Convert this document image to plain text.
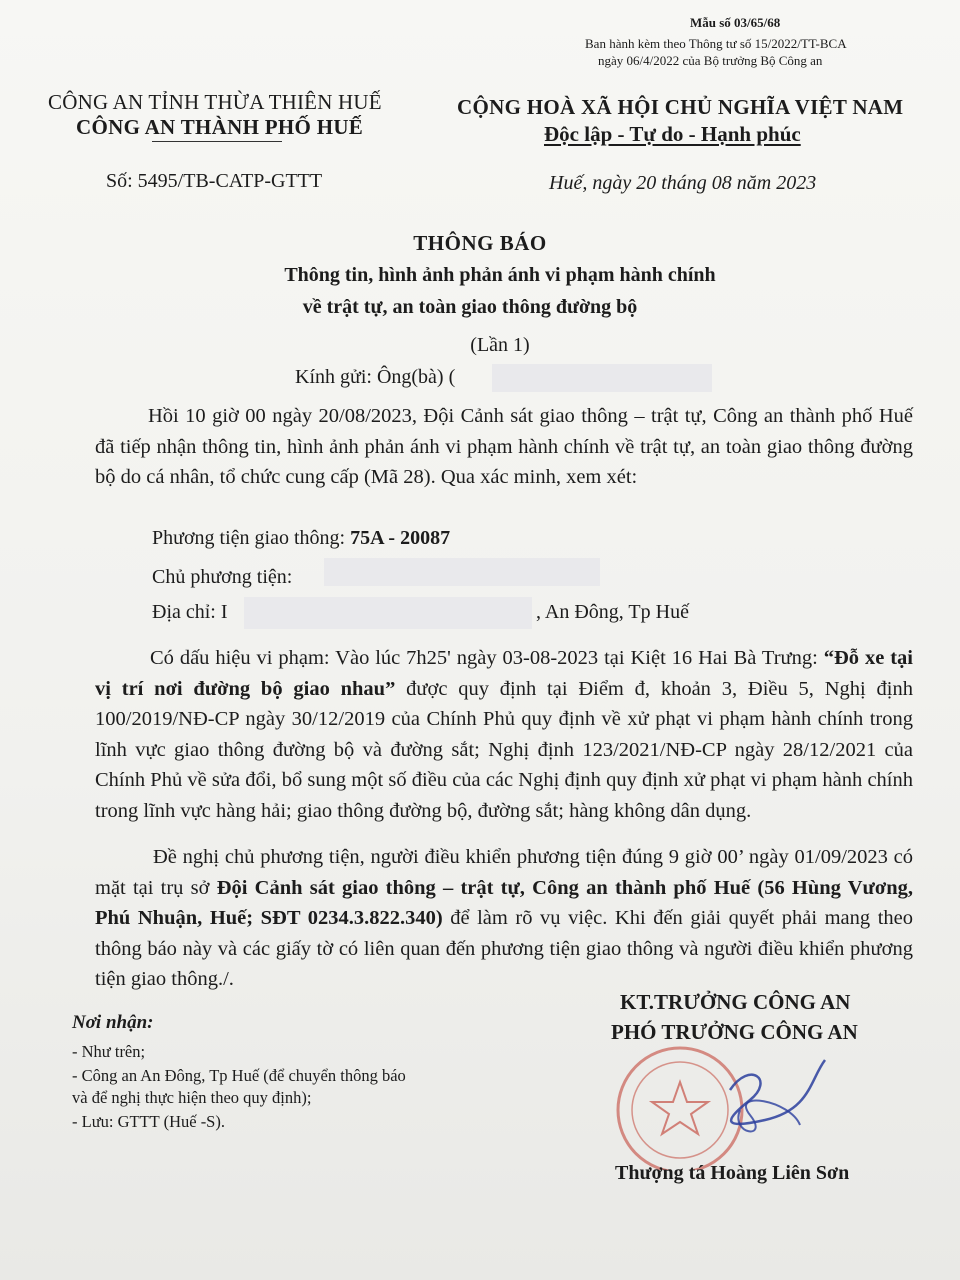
Mẫu số 03/65/68
Ban hành kèm theo Thông tư số 15/2022/TT-BCA
ngày 06/4/2022 của Bộ trưởng Bộ Công an
CÔNG AN TỈNH THỪA THIÊN HUẾ
CÔNG AN THÀNH PHỐ HUẾ
CỘNG HOÀ XÃ HỘI CHỦ NGHĨA VIỆT NAM
Độc lập - Tự do - Hạnh phúc
Số: 5495/TB-CATP-GTTT	Huế, ngày 20 tháng 08 năm 2023
THÔNG BÁO
Thông tin, hình ảnh phản ánh vi phạm hành chính
về trật tự, an toàn giao thông đường bộ
(Lần 1)
Kính gửi: Ông(bà) (
Hồi 10 giờ 00 ngày 20/08/2023, Đội Cảnh sát giao thông – trật tự, Công an thành phố Huế đã tiếp nhận thông tin, hình ảnh phản ánh vi phạm hành chính về trật tự, an toàn giao thông đường bộ do cá nhân, tổ chức cung cấp (Mã 28). Qua xác minh, xem xét:
Phương tiện giao thông: 75A - 20087
Chủ phương tiện:
Địa chỉ: I	, An Đông, Tp Huế
Có dấu hiệu vi phạm: Vào lúc 7h25' ngày 03-08-2023 tại Kiệt 16 Hai Bà Trưng: “Đỗ xe tại vị trí nơi đường bộ giao nhau” được quy định tại Điểm đ, khoản 3, Điều 5, Nghị định 100/2019/NĐ-CP ngày 30/12/2019 của Chính Phủ quy định về xử phạt vi phạm hành chính trong lĩnh vực giao thông đường bộ và đường sắt; Nghị định 123/2021/NĐ-CP ngày 28/12/2021 của Chính Phủ về sửa đổi, bổ sung một số điều của các Nghị định quy định xử phạt vi phạm hành chính trong lĩnh vực hàng hải; giao thông đường bộ, đường sắt; hàng không dân dụng.
Đề nghị chủ phương tiện, người điều khiển phương tiện đúng 9 giờ 00’ ngày 01/09/2023 có mặt tại trụ sở Đội Cảnh sát giao thông – trật tự, Công an thành phố Huế (56 Hùng Vương, Phú Nhuận, Huế; SĐT 0234.3.822.340) để làm rõ vụ việc. Khi đến giải quyết phải mang theo thông báo này và các giấy tờ có liên quan đến phương tiện giao thông và người điều khiển phương tiện giao thông./.
Nơi nhận:
- Như trên;
- Công an An Đông, Tp Huế (để chuyển thông báo
và để nghị thực hiện theo quy định);
- Lưu: GTTT (Huế -S).
KT.TRƯỞNG CÔNG AN
PHÓ TRƯỞNG CÔNG AN
Thượng tá Hoàng Liên Sơn
